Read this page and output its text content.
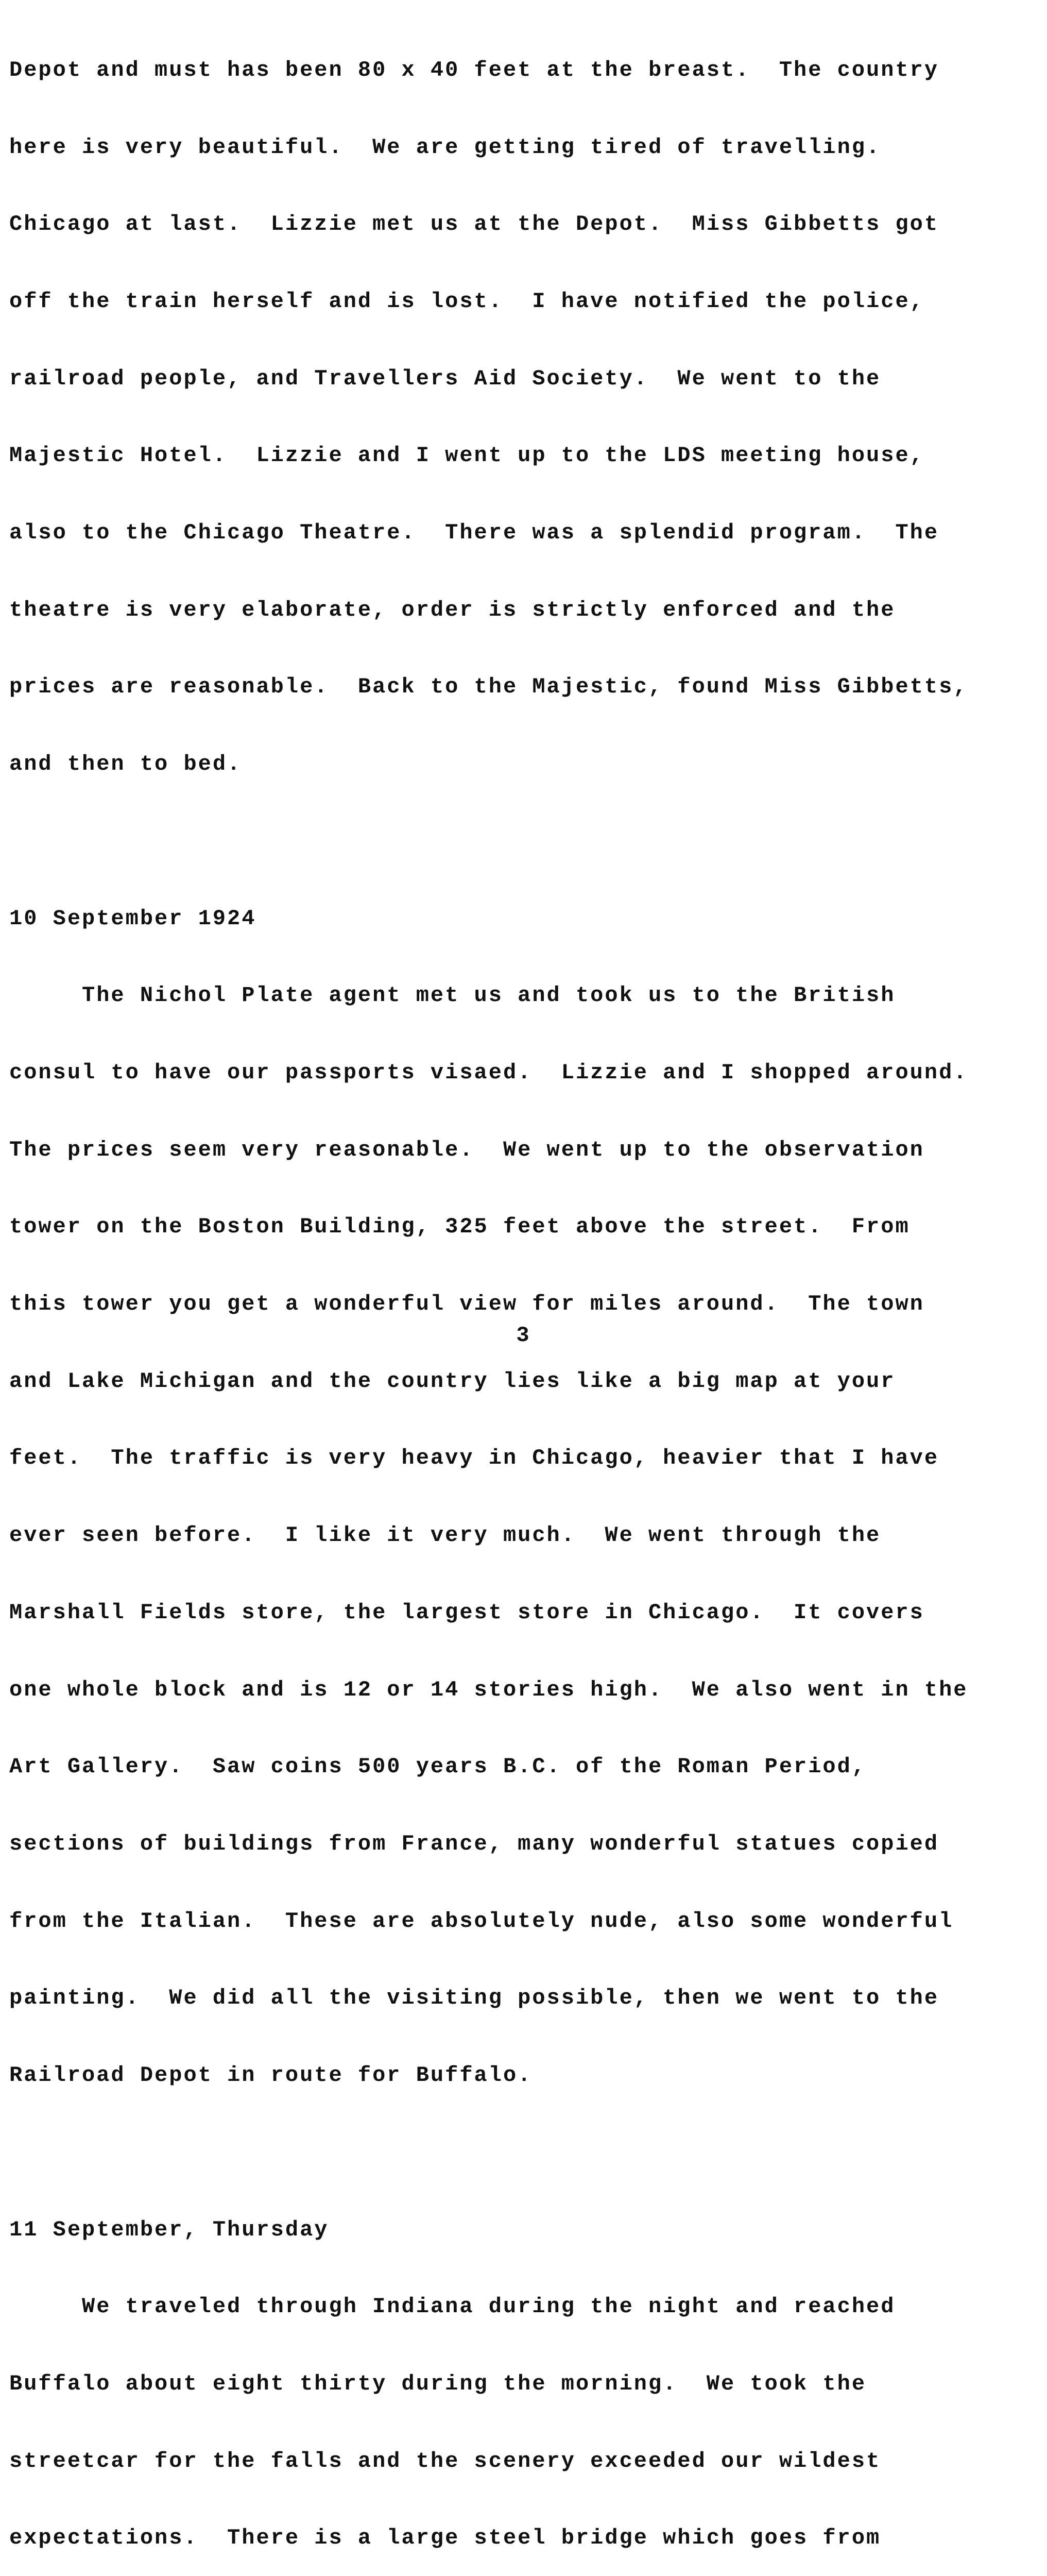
Depot and must has been 80 x 40 feet at the breast.  The country

here is very beautiful.  We are getting tired of travelling.

Chicago at last.  Lizzie met us at the Depot.  Miss Gibbetts got

off the train herself and is lost.  I have notified the police,

railroad people, and Travellers Aid Society.  We went to the

Majestic Hotel.  Lizzie and I went up to the LDS meeting house,

also to the Chicago Theatre.  There was a splendid program.  The

theatre is very elaborate, order is strictly enforced and the

prices are reasonable.  Back to the Majestic, found Miss Gibbetts,

and then to bed.

10 September 1924

The Nichol Plate agent met us and took us to the British

consul to have our passports visaed.  Lizzie and I shopped around.

The prices seem very reasonable.  We went up to the observation

tower on the Boston Building, 325 feet above the street.  From

this tower you get a wonderful view for miles around.  The town

and Lake Michigan and the country lies like a big map at your

feet.  The traffic is very heavy in Chicago, heavier that I have

ever seen before.  I like it very much.  We went through the

Marshall Fields store, the largest store in Chicago.  It covers

one whole block and is 12 or 14 stories high.  We also went in the

Art Gallery.  Saw coins 500 years B.C. of the Roman Period,

sections of buildings from France, many wonderful statues copied

from the Italian.  These are absolutely nude, also some wonderful

painting.  We did all the visiting possible, then we went to the

Railroad Depot in route for Buffalo.

11 September, Thursday

We traveled through Indiana during the night and reached

Buffalo about eight thirty during the morning.  We took the

streetcar for the falls and the scenery exceeded our wildest

expectations.  There is a large steel bridge which goes from

3
